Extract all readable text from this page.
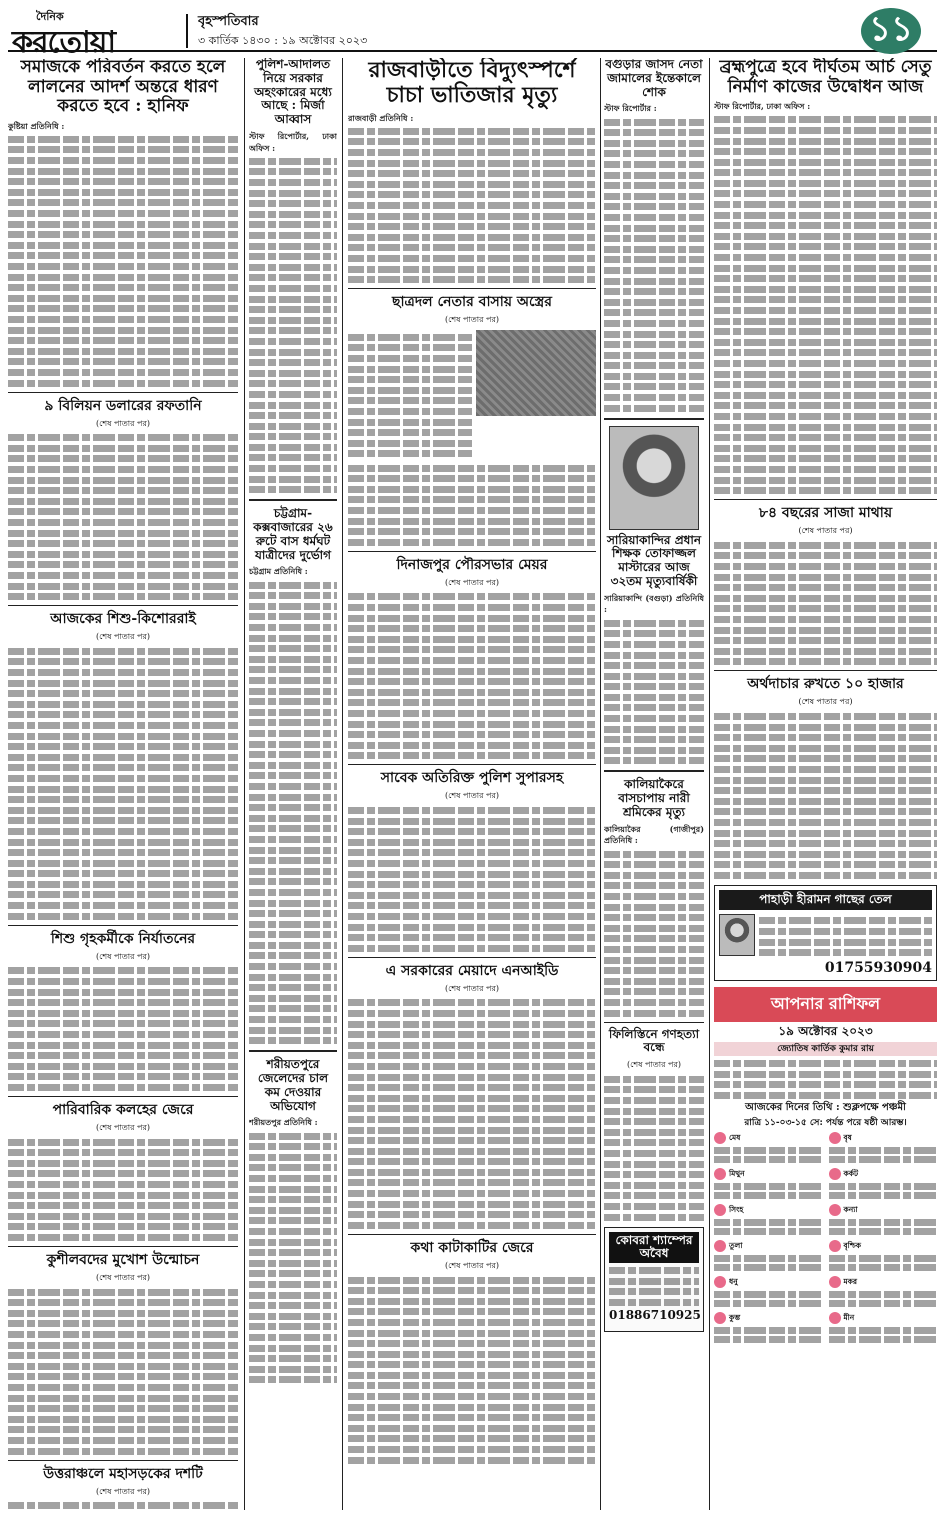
দৈনিক
করতোয়া
বৃহস্পতিবার
৩ কার্তিক ১৪৩০ : ১৯ অক্টোবর ২০২৩	১১
সমাজকে পরিবর্তন করতে হলে লালনের আদর্শ অন্তরে ধারণ করতে হবে : হানিফ
কুষ্টিয়া প্রতিনিধি :
৯ বিলিয়ন ডলারের রফতানি
(শেষ পাতার পর)
আজকের শিশু-কিশোররাই
(শেষ পাতার পর)
শিশু গৃহকর্মীকে নির্যাতনের
(শেষ পাতার পর)
পারিবারিক কলহের জেরে
(শেষ পাতার পর)
কুশীলবদের মুখোশ উন্মোচন
(শেষ পাতার পর)
উত্তরাঞ্চলে মহাসড়কের দশটি
(শেষ পাতার পর)
পুলিশ-আদালত নিয়ে সরকার অহংকারের মধ্যে আছে : মির্জা আব্বাস
স্টাফ রিপোর্টার, ঢাকা অফিস :
চট্টগ্রাম-কক্সবাজারের ২৬ রুটে বাস ধর্মঘট যাত্রীদের দুর্ভোগ
চট্টগ্রাম প্রতিনিধি :
শরীয়তপুরে জেলেদের চাল কম দেওয়ার অভিযোগ
শরীয়তপুর প্রতিনিধি :
রাজবাড়ীতে বিদ্যুৎস্পর্শে চাচা ভাতিজার মৃত্যু
রাজবাড়ী প্রতিনিধি :
ছাত্রদল নেতার বাসায় অস্ত্রের
(শেষ পাতার পর)
দিনাজপুর পৌরসভার মেয়র
(শেষ পাতার পর)
সাবেক অতিরিক্ত পুলিশ সুপারসহ
(শেষ পাতার পর)
এ সরকারের মেয়াদে এনআইডি
(শেষ পাতার পর)
কথা কাটাকাটির জেরে
(শেষ পাতার পর)
বগুড়ার জাসদ নেতা জামালের ইন্তেকালে শোক
স্টাফ রিপোর্টার :
সারিয়াকান্দির প্রধান শিক্ষক তোফাজ্জল মাস্টারের আজ ৩২তম মৃত্যুবার্ষিকী
সারিয়াকান্দি (বগুড়া) প্রতিনিধি :
কালিয়াকৈরে বাসচাপায় নারী শ্রমিকের মৃত্যু
কালিয়াকৈর (গাজীপুর) প্রতিনিধি :
ফিলিস্তিনে গণহত্যা বন্ধে
(শেষ পাতার পর)
কোবরা শ্যাম্পের অবৈধ
01886710925
ব্রহ্মপুত্রে হবে দীর্ঘতম আর্চ সেতু নির্মাণ কাজের উদ্বোধন আজ
স্টাফ রিপোর্টার, ঢাকা অফিস :
৮৪ বছরের সাজা মাথায়
(শেষ পাতার পর)
অর্থদাচার রুখতে ১০ হাজার
(শেষ পাতার পর)
পাহাড়ী হীরামন গাছের তেল
01755930904
আপনার রাশিফল
১৯ অক্টোবর ২০২৩
জ্যোতিষ কার্তিক কুমার রায়
আজকের দিনের তিথি : শুক্লপক্ষে পঞ্চমী
রাত্রি ১১-০৩-১৫ সে: পর্যন্ত পরে ষষ্ঠী আরম্ভ।
মেষ	বৃষ
মিথুন	কর্কট
সিংহ	কন্যা
তুলা	বৃশ্চিক
ধনু	মকর
কুম্ভ	মীন
